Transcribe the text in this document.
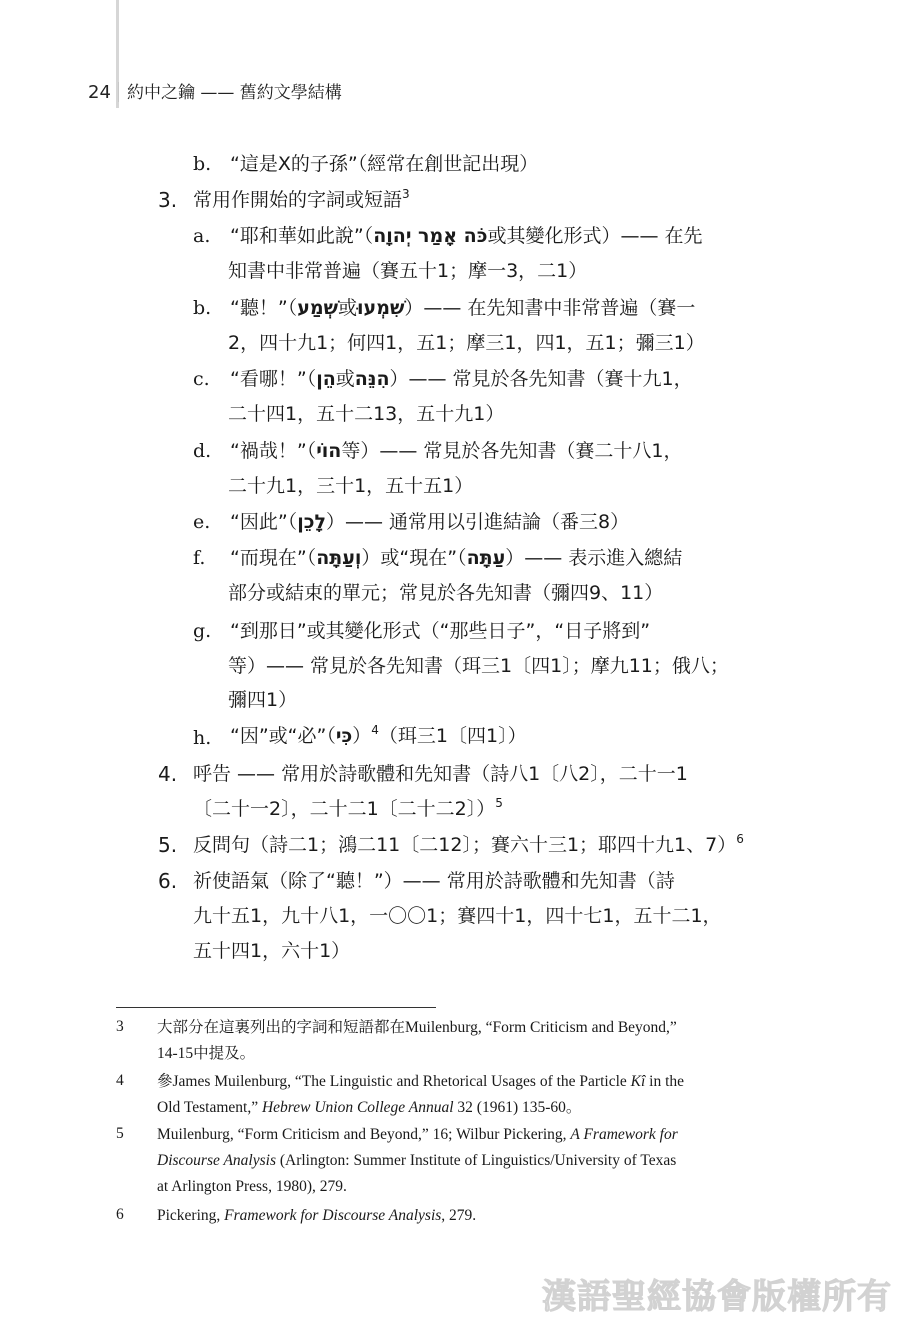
24 約中之鑰 —— 舊約文學結構
b. “這是X的子孫”（經常在創世記出現）
3. 常用作開始的字詞或短語$^3$
a. “耶和華如此說”（כֹּה אָמַר יְהוָה或其變化形式）—— 在先
知書中非常普遍（賽五十1；摩一3，二1）
b. “聽！”（שְׁמַע或שִׁמְעוּ）—— 在先知書中非常普遍（賽一
2，四十九1；何四1，五1；摩三1，四1，五1；彌三1）
c. “看哪！”（הֵן或הִנֵּה）—— 常見於各先知書（賽十九1，
二十四1，五十二13，五十九1）
d. “禍哉！”（הוֹי等）—— 常見於各先知書（賽二十八1，
二十九1，三十1，五十五1）
e. “因此”（לָכֵן）—— 通常用以引進結論（番三8）
f. “而現在”（וְעַתָּה）或“現在”（עַתָּה）—— 表示進入總結
部分或結束的單元；常見於各先知書（彌四9、11）
g. “到那日”或其變化形式（“那些日子”，“日子將到”
等）—— 常見於各先知書（珥三1〔四1〕；摩九11；俄八；
彌四1）
h. “因”或“必”（כִּי）$^4$（珥三1〔四1〕）
4. 呼告 —— 常用於詩歌體和先知書（詩八1〔八2〕，二十一1
〔二十一2〕，二十二1〔二十二2〕）$^5$
5. 反問句（詩二1；鴻二11〔二12〕；賽六十三1；耶四十九1、7）$^6$
6. 祈使語氣（除了“聽！”）—— 常用於詩歌體和先知書（詩
九十五1，九十八1，一〇〇1；賽四十1，四十七1，五十二1，
五十四1，六十1）
3 大部分在這裏列出的字詞和短語都在Muilenburg, “Form Criticism and Beyond,”
14-15中提及。
4 參James Muilenburg, “The Linguistic and Rhetorical Usages of the Particle Kî in the
Old Testament,” Hebrew Union College Annual 32 (1961) 135-60。
5 Muilenburg, “Form Criticism and Beyond,” 16; Wilbur Pickering, A Framework for
Discourse Analysis (Arlington: Summer Institute of Linguistics/University of Texas
at Arlington Press, 1980), 279.
6 Pickering, Framework for Discourse Analysis, 279.
漢語聖經協會版權所有
